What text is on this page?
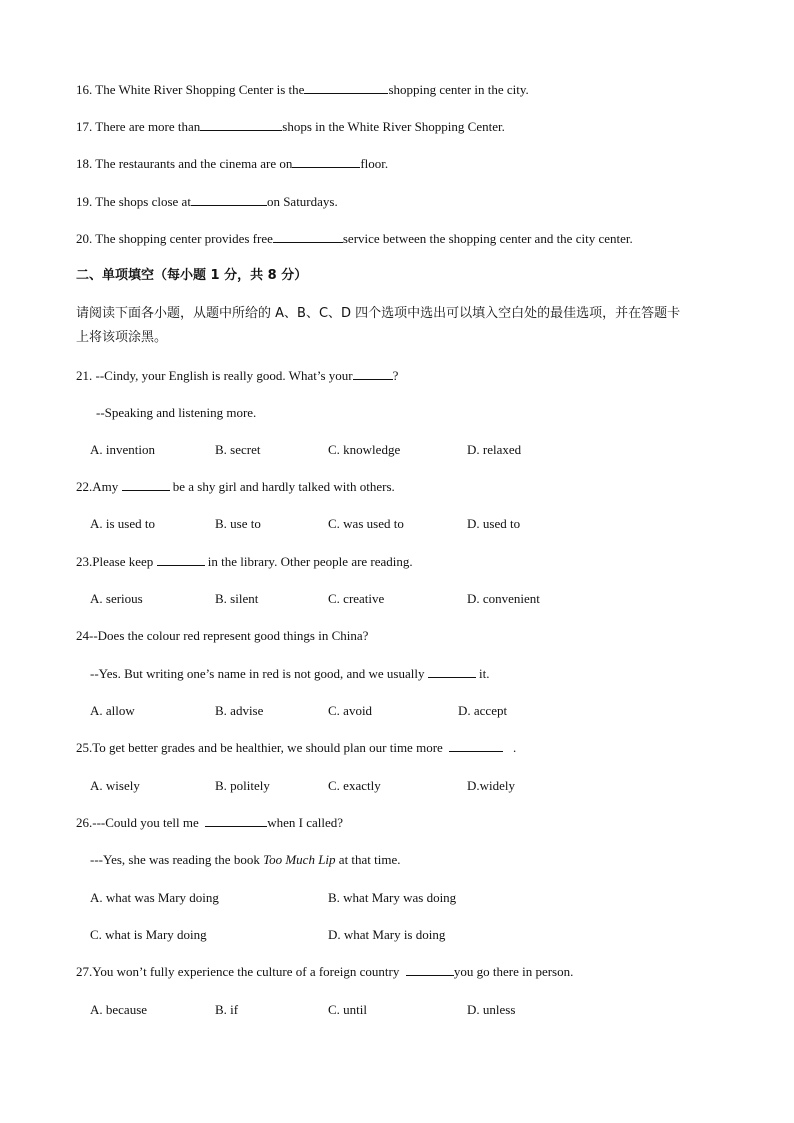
16. The White River Shopping Center is the	shopping center in the city.
17. There are more than	shops in the White River Shopping Center.
18. The restaurants and the cinema are on	floor.
19. The shops close at	on Saturdays.
20. The shopping center provides free	service between the shopping center and the city center.
二、单项填空（每小题 1 分，共 8 分）
请阅读下面各小题，从题中所给的 A、B、C、D 四个选项中选出可以填入空白处的最佳选项，并在答题卡
上将该项涂黑。
21. --Cindy, your English is really good. What’s your	?
--Speaking and listening more.
A. invention	B. secret	C. knowledge	D. relaxed
22.Amy	be a shy girl and hardly talked with others.
A. is used to	B. use to	C. was used to	D. used to
23.Please keep	in the library. Other people are reading.
A. serious	B. silent	C. creative	D. convenient
24--Does the colour red represent good things in China?
--Yes. But writing one’s name in red is not good, and we usually	it.
A. allow	B. advise	C. avoid	D. accept
25.To get better grades and be healthier, we should plan our time more	.
A. wisely	B. politely	C. exactly	D.widely
26.---Could you tell me	when I called?
---Yes, she was reading the book Too Much Lip at that time.
A. what was Mary doing	B. what Mary was doing
C. what is Mary doing	D. what Mary is doing
27.You won’t fully experience the culture of a foreign country	you go there in person.
A. because	B. if	C. until	D. unless
